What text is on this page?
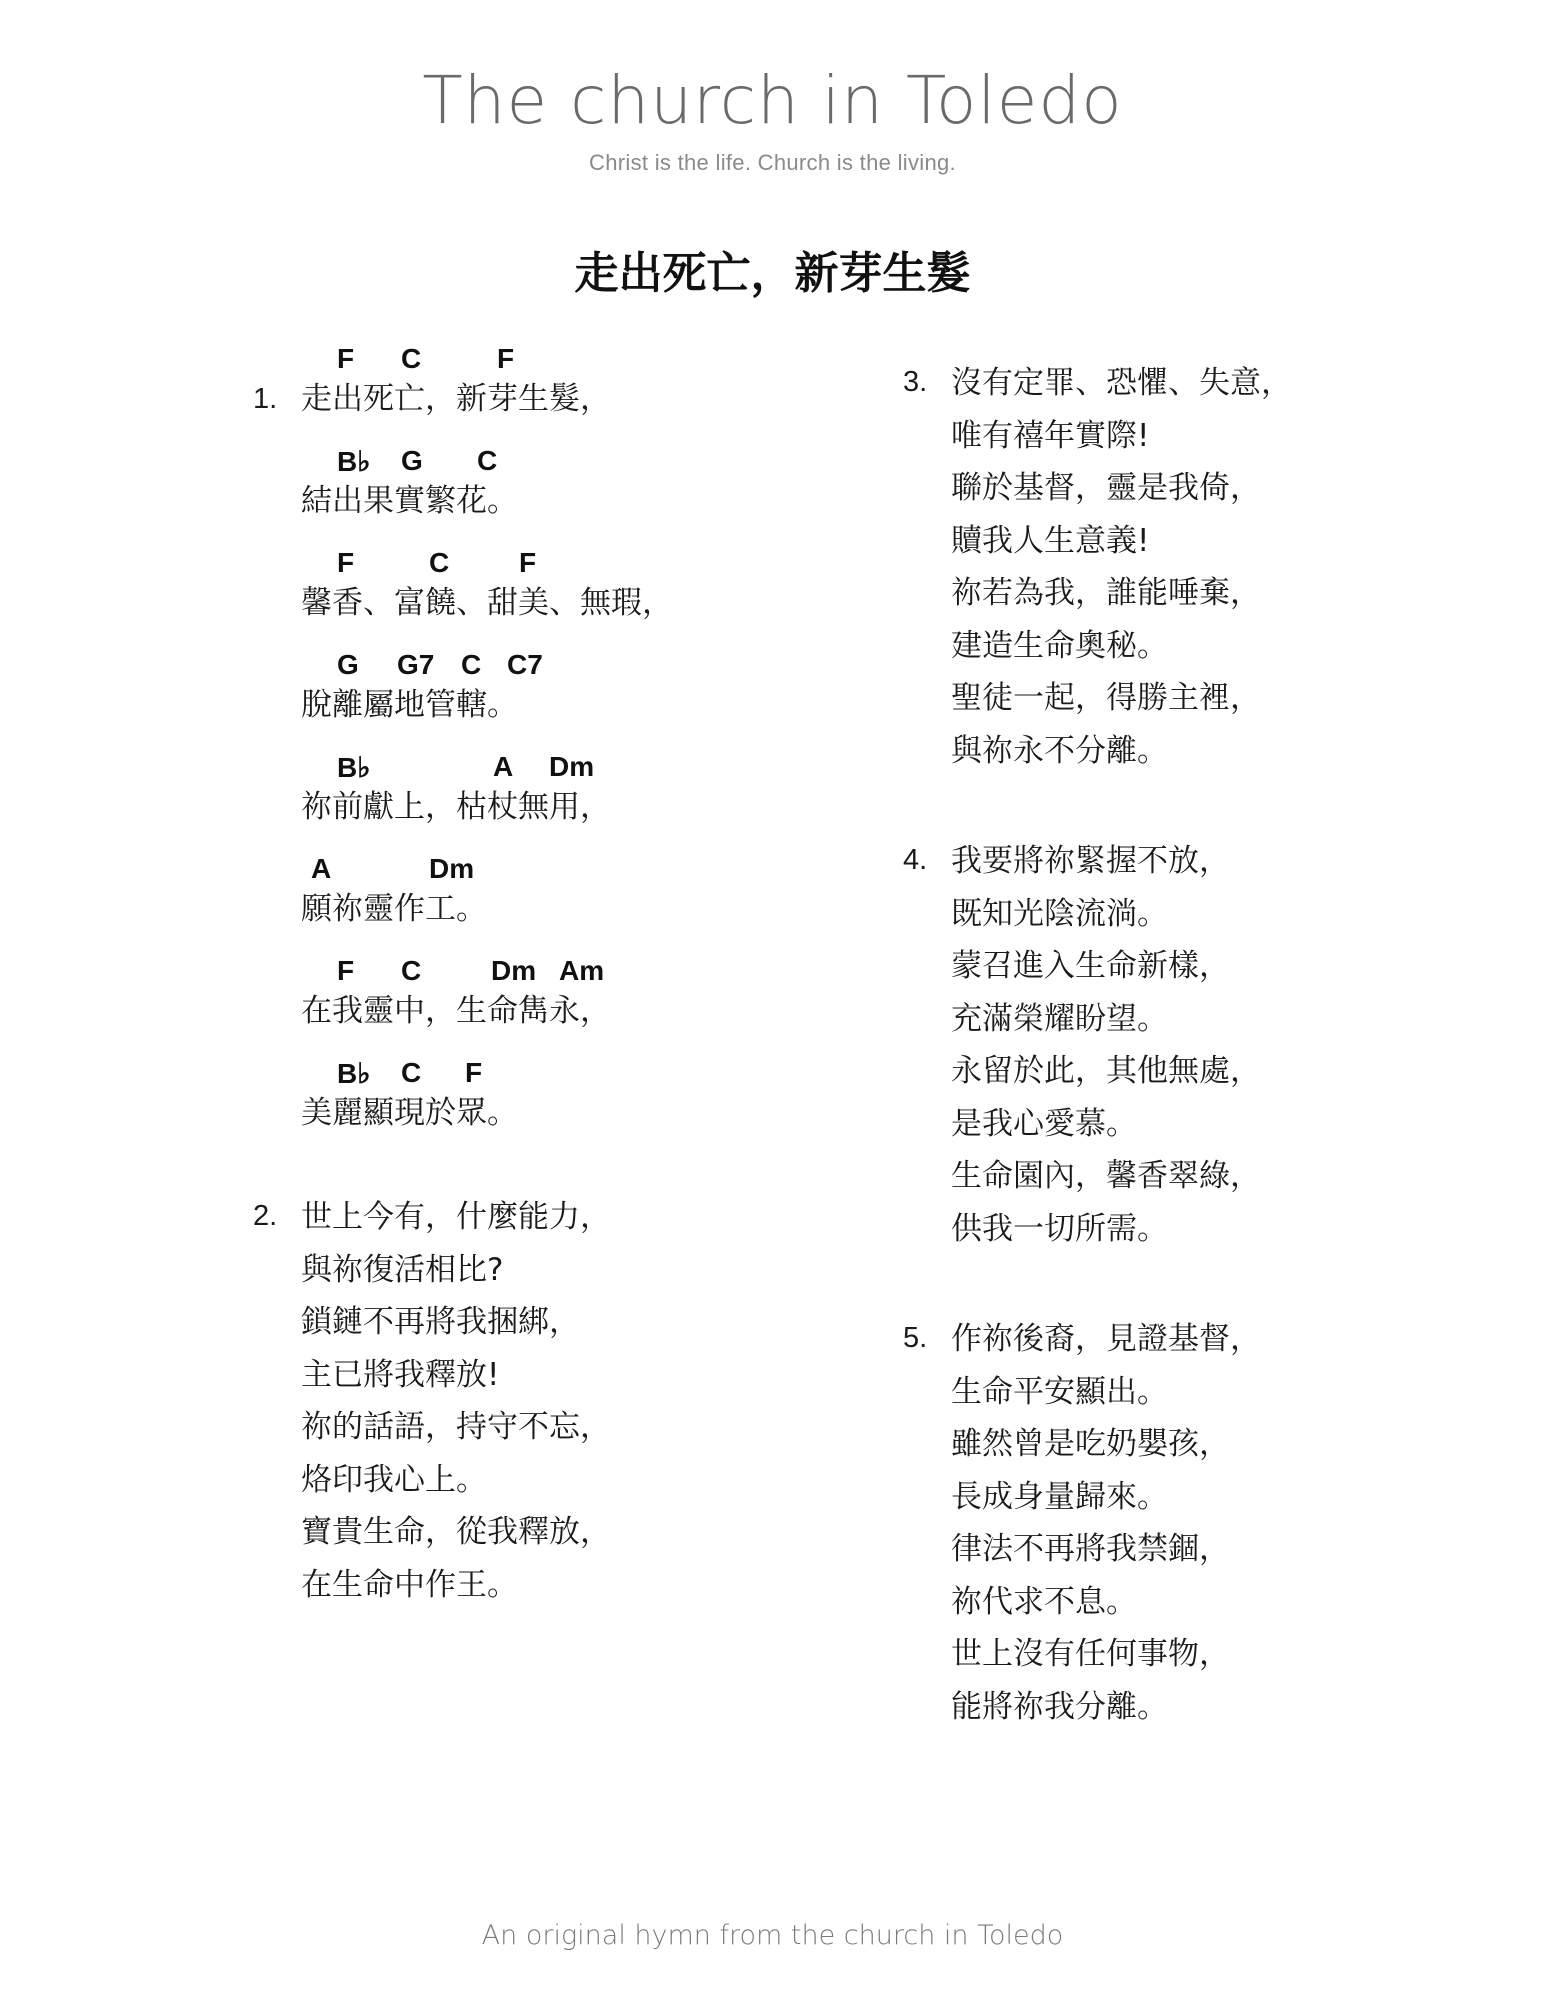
The church in Toledo
Christ is the life. Church is the living.
走出死亡，新芽生髮
1.
F C	F
走出死亡，新芽生髮，
B♭ G C
結出果實繁花。
F	C F
馨香、富饒、甜美、無瑕，
G G7 C C7
脫離屬地管轄。
B♭	A Dm
祢前獻上，枯杖無用，
A	Dm
願祢靈作工。
F C Dm Am
在我靈中，生命雋永，
B♭ C F
美麗顯現於眾。
2. 世上今有，什麼能力，
與祢復活相比?
鎖鏈不再將我捆綁，
主已將我釋放!
祢的話語，持守不忘，
烙印我心上。
寶貴生命，從我釋放，
在生命中作王。
3. 沒有定罪、恐懼、失意，
唯有禧年實際!
聯於基督，靈是我倚，
贖我人生意義!
祢若為我，誰能唾棄，
建造生命奧秘。
聖徒一起，得勝主裡，
與祢永不分離。
4. 我要將祢緊握不放，
既知光陰流淌。
蒙召進入生命新樣，
充滿榮耀盼望。
永留於此，其他無處，
是我心愛慕。
生命園內，馨香翠綠，
供我一切所需。
5. 作祢後裔，見證基督，
生命平安顯出。
雖然曾是吃奶嬰孩，
長成身量歸來。
律法不再將我禁錮，
祢代求不息。
世上沒有任何事物，
能將祢我分離。
An original hymn from the church in Toledo
